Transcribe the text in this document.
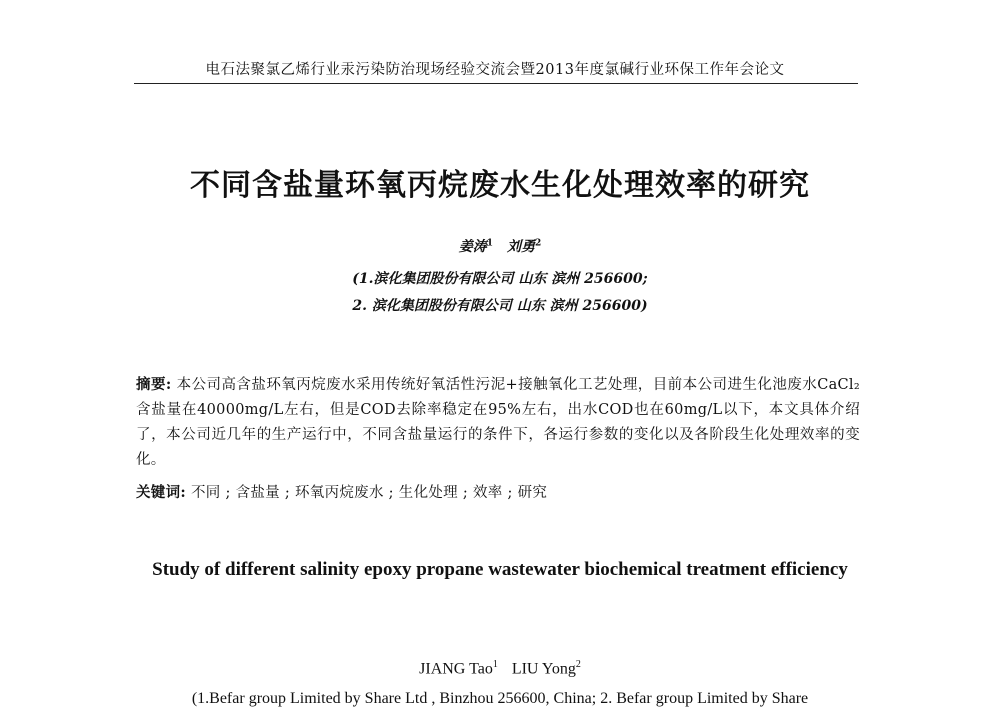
电石法聚氯乙烯行业汞污染防治现场经验交流会暨2013年度氯碱行业环保工作年会论文
不同含盐量环氧丙烷废水生化处理效率的研究
姜涛$^1$ 刘勇$^2$
(1.滨化集团股份有限公司 山东 滨州 256600;
2. 滨化集团股份有限公司 山东 滨州 256600)
摘要: 本公司高含盐环氧丙烷废水采用传统好氧活性污泥+接触氧化工艺处理，目前本公司进生化池废水CaCl₂含盐量在40000mg/L左右，但是COD去除率稳定在95%左右，出水COD也在60mg/L以下，本文具体介绍了，本公司近几年的生产运行中，不同含盐量运行的条件下，各运行参数的变化以及各阶段生化处理效率的变化。
关键词: 不同 ; 含盐量 ; 环氧丙烷废水 ; 生化处理 ; 效率 ; 研究
Study of different salinity epoxy propane wastewater biochemical treatment efficiency
JIANG Tao$^1$ LIU Yong$^2$
(1.Befar group Limited by Share Ltd , Binzhou 256600, China; 2. Befar group Limited by Share
